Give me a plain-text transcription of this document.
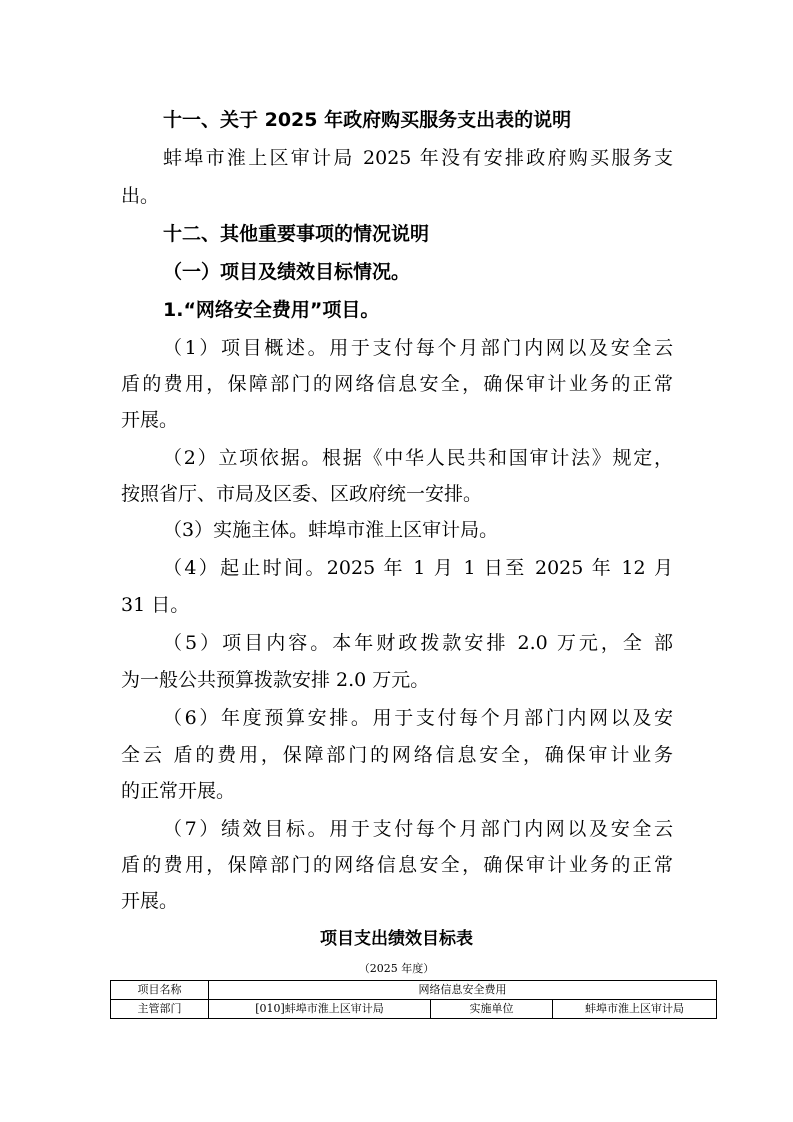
十一、关于 2025 年政府购买服务支出表的说明
蚌埠市淮上区审计局 2025 年没有安排政府购买服务支
出。
十二、其他重要事项的情况说明
（一）项目及绩效目标情况。
1.“网络安全费用”项目。
（1）项目概述。用于支付每个月部门内网以及安全云
盾的费用，保障部门的网络信息安全，确保审计业务的正常
开展。
（2）立项依据。根据《中华人民共和国审计法》规定，
按照省厅、市局及区委、区政府统一安排。
（3）实施主体。蚌埠市淮上区审计局。
（4）起止时间。2025 年 1 月 1 日至 2025 年 12 月
31 日。
（5）项目内容。本年财政拨款安排 2.0 万元，全 部
为一般公共预算拨款安排 2.0 万元。
（6）年度预算安排。用于支付每个月部门内网以及安
全云 盾的费用，保障部门的网络信息安全，确保审计业务
的正常开展。
（7）绩效目标。用于支付每个月部门内网以及安全云
盾的费用，保障部门的网络信息安全，确保审计业务的正常
开展。
项目支出绩效目标表
（2025 年度）
项目名称	网络信息安全费用		
主管部门	[010]蚌埠市淮上区审计局	实施单位	蚌埠市淮上区审计局
